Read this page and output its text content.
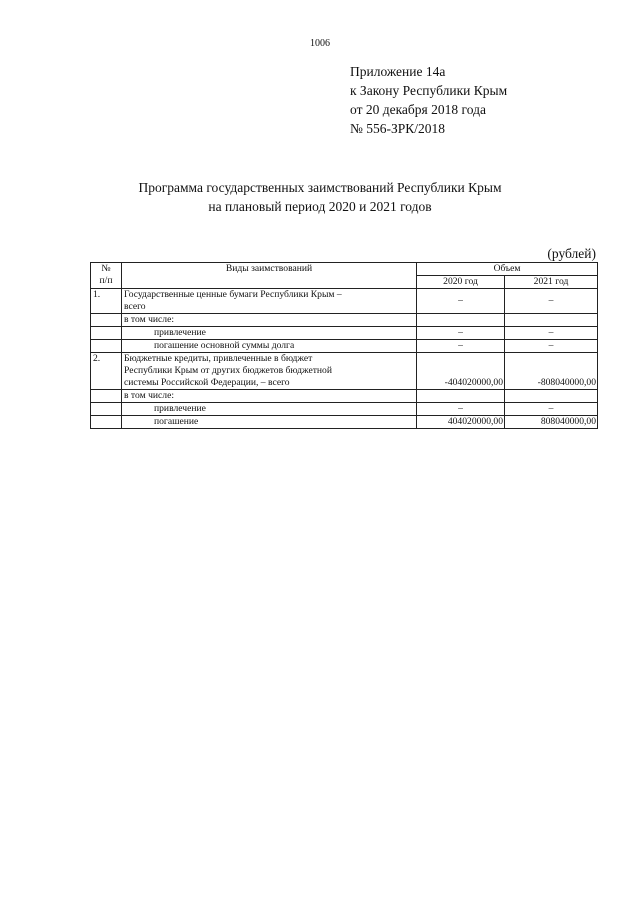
1006
Приложение 14а
к Закону Республики Крым
от 20 декабря 2018 года
№ 556-ЗРК/2018
Программа государственных заимствований Республики Крым
на плановый период 2020 и 2021 годов
(рублей)
№
п/п	Виды заимствований	Объем	
		2020 год	2021 год
1.	Государственные ценные бумаги Республики Крым –
всего	–	–
	в том числе:		
	привлечение	–	–
	погашение основной суммы долга	–	–
2.	Бюджетные кредиты, привлеченные в бюджет
Республики Крым от других бюджетов бюджетной
системы Российской Федерации, – всего	-404020000,00	-808040000,00
	в том числе:		
	привлечение	–	–
	погашение	404020000,00	808040000,00
